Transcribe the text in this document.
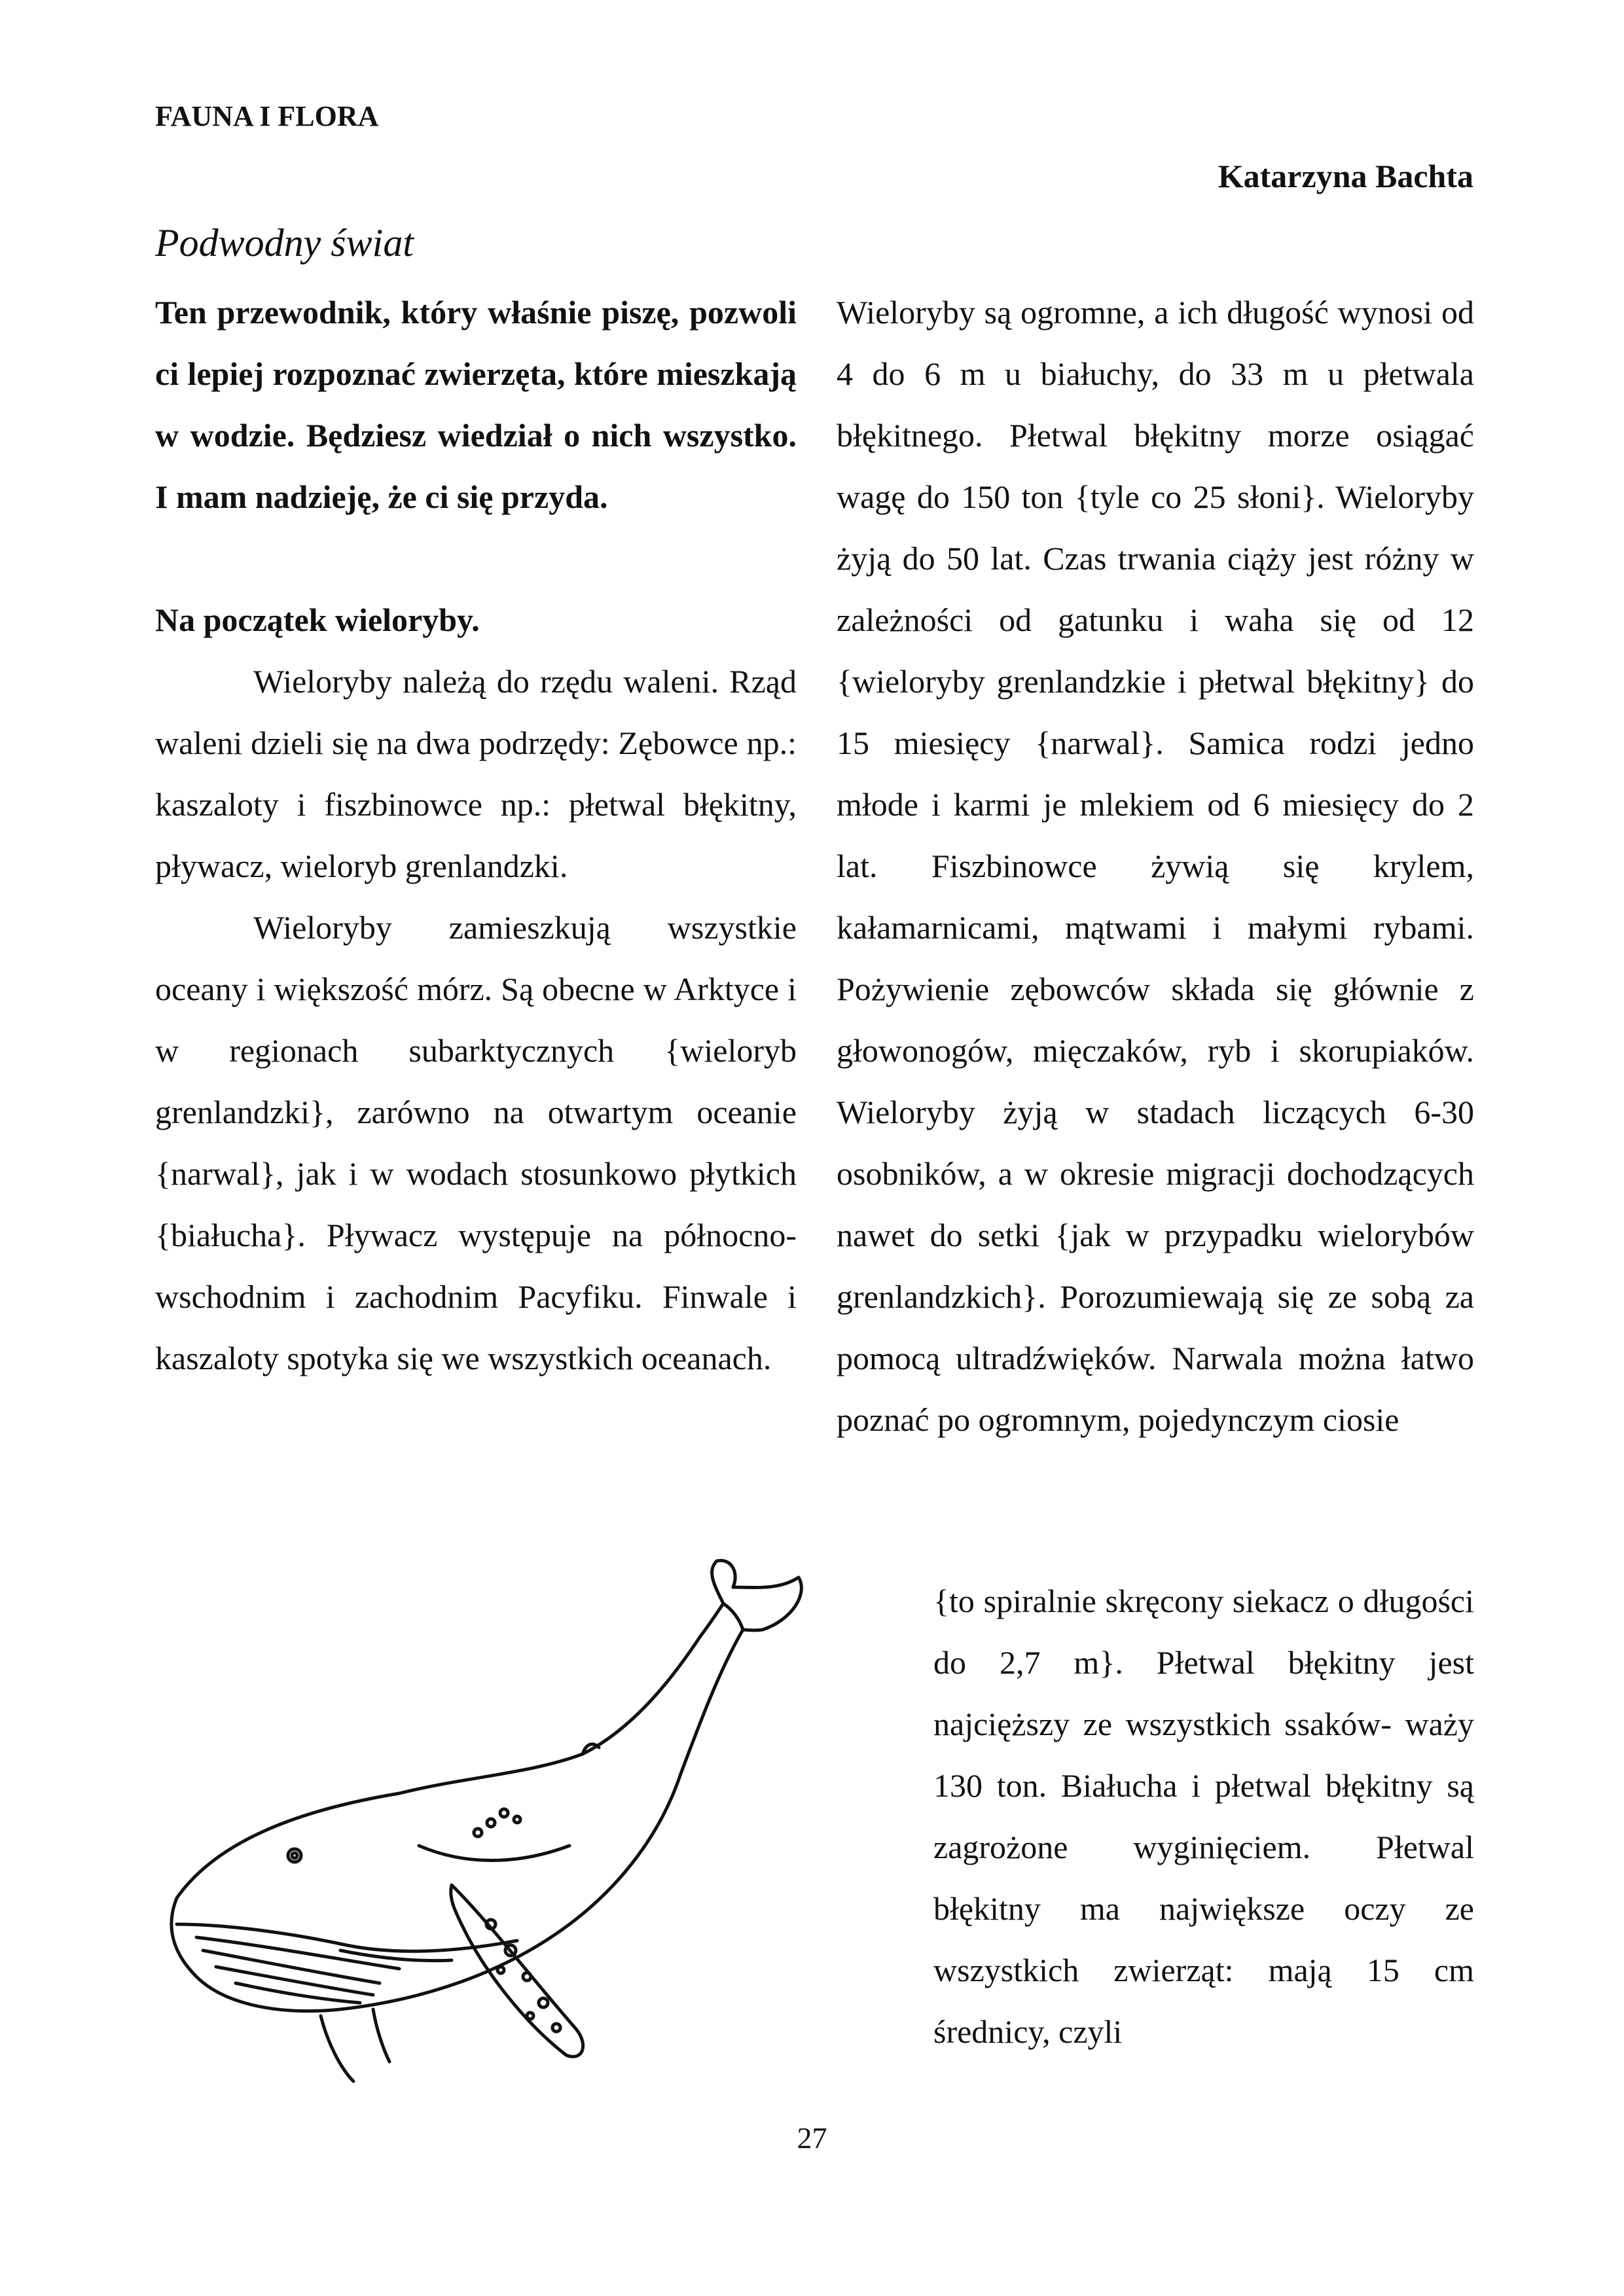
FAUNA I FLORA
Katarzyna Bachta
Podwodny świat

Ten przewodnik, który właśnie piszę, pozwoli ci lepiej rozpoznać zwierzęta, które mieszkają w wodzie. Będziesz wiedział o nich wszystko. I mam nadzieję, że ci się przyda.

Na początek wieloryby.

Wieloryby należą do rzędu waleni. Rząd waleni dzieli się na dwa podrzędy: Zębowce np.: kaszaloty i fiszbinowce np.: płetwal błękitny, pływacz, wieloryb grenlandzki.

Wieloryby zamieszkują wszystkie oceany i większość mórz. Są obecne w Arktyce i w regionach subarktycznych {wieloryb grenlandzki}, zarówno na otwartym oceanie {narwal}, jak i w wodach stosunkowo płytkich {białucha}. Pływacz występuje na północno-wschodnim i zachodnim Pacyfiku. Finwale i kaszaloty spotyka się we wszystkich oceanach.

Wieloryby są ogromne, a ich długość wynosi od 4 do 6 m u białuchy, do 33 m u płetwala błękitnego. Płetwal błękitny morze osiągać wagę do 150 ton {tyle co 25 słoni}. Wieloryby żyją do 50 lat. Czas trwania ciąży jest różny w zależności od gatunku i waha się od 12 {wieloryby grenlandzkie i płetwal błękitny} do 15 miesięcy {narwal}. Samica rodzi jedno młode i karmi je mlekiem od 6 miesięcy do 2 lat. Fiszbinowce żywią się krylem, kałamarnicami, mątwami i małymi rybami. Pożywienie zębowców składa się głównie z głowonogów, mięczaków, ryb i skorupiaków. Wieloryby żyją w stadach liczących 6-30 osobników, a w okresie migracji dochodzących nawet do setki {jak w przypadku wielorybów grenlandzkich}. Porozumiewają się ze sobą za pomocą ultradźwięków. Narwala można łatwo poznać po ogromnym, pojedynczym ciosie

{to spiralnie skręcony siekacz o długości do 2,7 m}. Płetwal błękitny jest najcięższy ze wszystkich ssaków- waży 130 ton. Białucha i płetwal błękitny są zagrożone wyginięciem. Płetwal błękitny ma największe oczy ze wszystkich zwierząt: mają 15 cm średnicy, czyli

27
